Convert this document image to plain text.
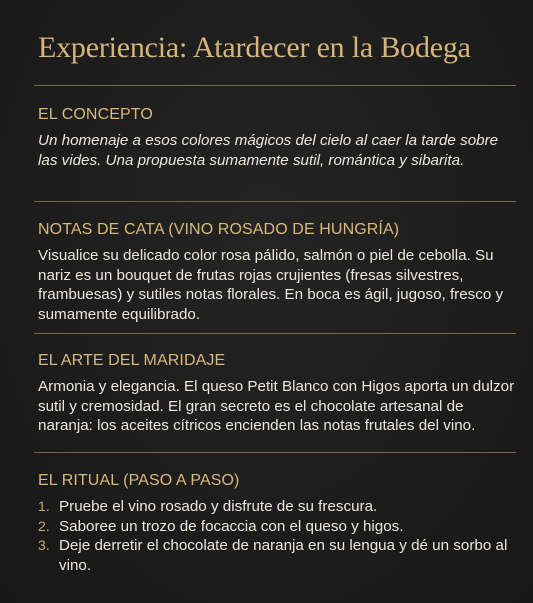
Experiencia: Atardecer en la Bodega
EL CONCEPTO

Un homenaje a esos colores mágicos del cielo al caer la tarde sobre las vides. Una propuesta sumamente sutil, romántica y sibarita.

NOTAS DE CATA (VINO ROSADO DE HUNGRÍA)

Visualice su delicado color rosa pálido, salmón o piel de cebolla. Su nariz es un bouquet de frutas rojas crujientes (fresas silvestres, frambuesas) y sutiles notas florales. En boca es ágil, jugoso, fresco y sumamente equilibrado.

EL ARTE DEL MARIDAJE

Armonia y elegancia. El queso Petit Blanco con Higos aporta un dulzor sutil y cremosidad. El gran secreto es el chocolate artesanal de naranja: los aceites cítricos encienden las notas frutales del vino.

EL RITUAL (PASO A PASO)
1. Pruebe el vino rosado y disfrute de su frescura.
2. Saboree un trozo de focaccia con el queso y higos.
3. Deje derretir el chocolate de naranja en su lengua y dé un sorbo al vino.
